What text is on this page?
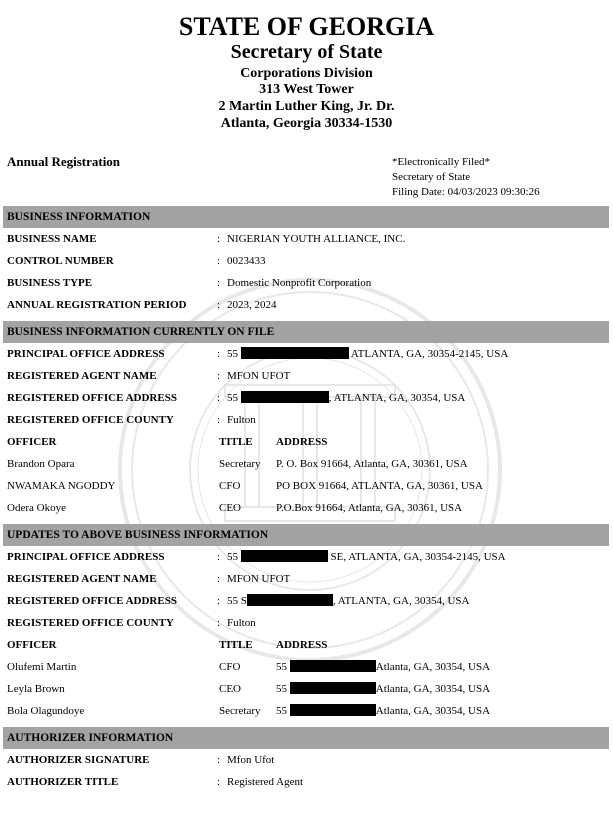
STATE OF GEORGIA
Secretary of State
Corporations Division
313 West Tower
2 Martin Luther King, Jr. Dr.
Atlanta, Georgia 30334-1530
Annual Registration	*Electronically Filed*
Secretary of State
Filing Date: 04/03/2023 09:30:26
BUSINESS INFORMATION
BUSINESS NAME	: NIGERIAN YOUTH ALLIANCE, INC.
CONTROL NUMBER	: 0023433
BUSINESS TYPE	: Domestic Nonprofit Corporation
ANNUAL REGISTRATION PERIOD	: 2023, 2024
BUSINESS INFORMATION CURRENTLY ON FILE
PRINCIPAL OFFICE ADDRESS	: 55	ATLANTA, GA, 30354-2145, USA
REGISTERED AGENT NAME	: MFON UFOT
REGISTERED OFFICE ADDRESS	: 55	, ATLANTA, GA, 30354, USA
REGISTERED OFFICE COUNTY	: Fulton
OFFICER	TITLE ADDRESS
Brandon Opara	Secretary P. O. Box 91664, Atlanta, GA, 30361, USA
NWAMAKA NGODDY	CFO	PO BOX 91664, ATLANTA, GA, 30361, USA
Odera Okoye	CEO	P.O.Box 91664, Atlanta, GA, 30361, USA
UPDATES TO ABOVE BUSINESS INFORMATION
PRINCIPAL OFFICE ADDRESS	: 55	SE, ATLANTA, GA, 30354-2145, USA
REGISTERED AGENT NAME	: MFON UFOT
REGISTERED OFFICE ADDRESS	: 55 S	, ATLANTA, GA, 30354, USA
REGISTERED OFFICE COUNTY	: Fulton
OFFICER	TITLE ADDRESS
Olufemi Martin	CFO	55	Atlanta, GA, 30354, USA
Leyla Brown	CEO	55	Atlanta, GA, 30354, USA
Bola Olagundoye	Secretary 55	Atlanta, GA, 30354, USA
AUTHORIZER INFORMATION
AUTHORIZER SIGNATURE	: Mfon Ufot
AUTHORIZER TITLE	: Registered Agent
